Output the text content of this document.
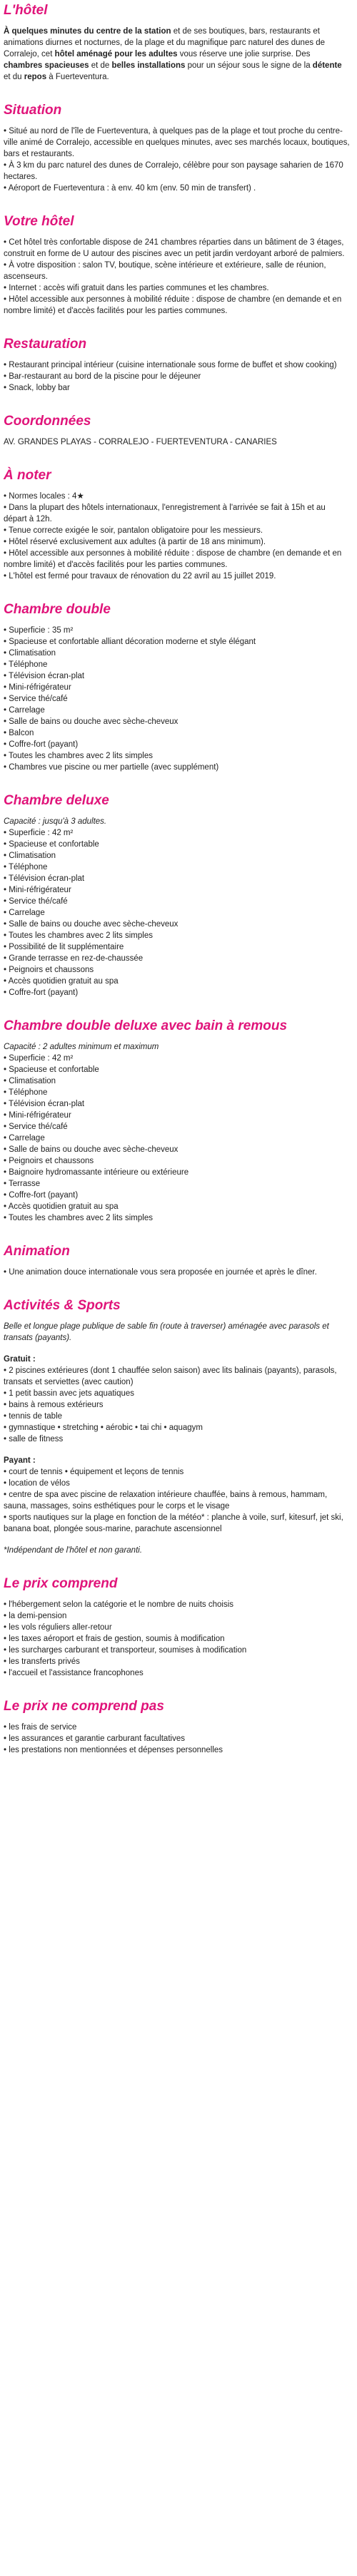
L'hôtel

À quelques minutes du centre de la station et de ses boutiques, bars, restaurants et animations diurnes et nocturnes, de la plage et du magnifique parc naturel des dunes de Corralejo, cet hôtel aménagé pour les adultes vous réserve une jolie surprise. Des chambres spacieuses et de belles installations pour un séjour sous le signe de la détente et du repos à Fuerteventura.

Situation
• Situé au nord de l'île de Fuerteventura, à quelques pas de la plage et tout proche du centre-ville animé de Corralejo, accessible en quelques minutes, avec ses marchés locaux, boutiques, bars et restaurants.
• À 3 km du parc naturel des dunes de Corralejo, célèbre pour son paysage saharien de 1670 hectares.
• Aéroport de Fuerteventura : à env. 40 km (env. 50 min de transfert) .
Votre hôtel
• Cet hôtel très confortable dispose de 241 chambres réparties dans un bâtiment de 3 étages, construit en forme de U autour des piscines avec un petit jardin verdoyant arboré de palmiers.
• À votre disposition : salon TV, boutique, scène intérieure et extérieure, salle de réunion, ascenseurs.
• Internet : accès wifi gratuit dans les parties communes et les chambres.
• Hôtel accessible aux personnes à mobilité réduite : dispose de chambre (en demande et en nombre limité) et d'accès facilités pour les parties communes.
Restauration
• Restaurant principal intérieur (cuisine internationale sous forme de buffet et show cooking)
• Bar-restaurant au bord de la piscine pour le déjeuner
• Snack, lobby bar
Coordonnées

AV. GRANDES PLAYAS - CORRALEJO - FUERTEVENTURA - CANARIES

À noter
• Normes locales : 4★
• Dans la plupart des hôtels internationaux, l'enregistrement à l'arrivée se fait à 15h et au départ à 12h.
• Tenue correcte exigée le soir, pantalon obligatoire pour les messieurs.
• Hôtel réservé exclusivement aux adultes (à partir de 18 ans minimum).
• Hôtel accessible aux personnes à mobilité réduite : dispose de chambre (en demande et en nombre limité) et d'accès facilités pour les parties communes.
• L'hôtel est fermé pour travaux de rénovation du 22 avril au 15 juillet 2019.
Chambre double
• Superficie : 35 m²
• Spacieuse et confortable alliant décoration moderne et style élégant
• Climatisation
• Téléphone
• Télévision écran-plat
• Mini-réfrigérateur
• Service thé/café
• Carrelage
• Salle de bains ou douche avec sèche-cheveux
• Balcon
• Coffre-fort (payant)
• Toutes les chambres avec 2 lits simples
• Chambres vue piscine ou mer partielle (avec supplément)
Chambre deluxe

Capacité : jusqu'à 3 adultes.

• Superficie : 42 m²
• Spacieuse et confortable
• Climatisation
• Téléphone
• Télévision écran-plat
• Mini-réfrigérateur
• Service thé/café
• Carrelage
• Salle de bains ou douche avec sèche-cheveux
• Toutes les chambres avec 2 lits simples
• Possibilité de lit supplémentaire
• Grande terrasse en rez-de-chaussée
• Peignoirs et chaussons
• Accès quotidien gratuit au spa
• Coffre-fort (payant)
Chambre double deluxe avec bain à remous

Capacité : 2 adultes minimum et maximum

• Superficie : 42 m²
• Spacieuse et confortable
• Climatisation
• Téléphone
• Télévision écran-plat
• Mini-réfrigérateur
• Service thé/café
• Carrelage
• Salle de bains ou douche avec sèche-cheveux
• Peignoirs et chaussons
• Baignoire hydromassante intérieure ou extérieure
• Terrasse
• Coffre-fort (payant)
• Accès quotidien gratuit au spa
• Toutes les chambres avec 2 lits simples
Animation
• Une animation douce internationale vous sera proposée en journée et après le dîner.
Activités & Sports

Belle et longue plage publique de sable fin (route à traverser) aménagée avec parasols et transats (payants).

Gratuit :

• 2 piscines extérieures (dont 1 chauffée selon saison) avec lits balinais (payants), parasols, transats et serviettes (avec caution)
• 1 petit bassin avec jets aquatiques
• bains à remous extérieurs
• tennis de table
• gymnastique • stretching • aérobic • tai chi • aquagym
• salle de fitness

Payant :

• court de tennis • équipement et leçons de tennis
• location de vélos
• centre de spa avec piscine de relaxation intérieure chauffée, bains à remous, hammam, sauna, massages, soins esthétiques pour le corps et le visage
• sports nautiques sur la plage en fonction de la météo* : planche à voile, surf, kitesurf, jet ski, banana boat, plongée sous-marine, parachute ascensionnel

*Indépendant de l'hôtel et non garanti.

Le prix comprend
• l'hébergement selon la catégorie et le nombre de nuits choisis
• la demi-pension
• les vols réguliers aller-retour
• les taxes aéroport et frais de gestion, soumis à modification
• les surcharges carburant et transporteur, soumises à modification
• les transferts privés
• l'accueil et l'assistance francophones
Le prix ne comprend pas
• les frais de service
• les assurances et garantie carburant facultatives
• les prestations non mentionnées et dépenses personnelles
